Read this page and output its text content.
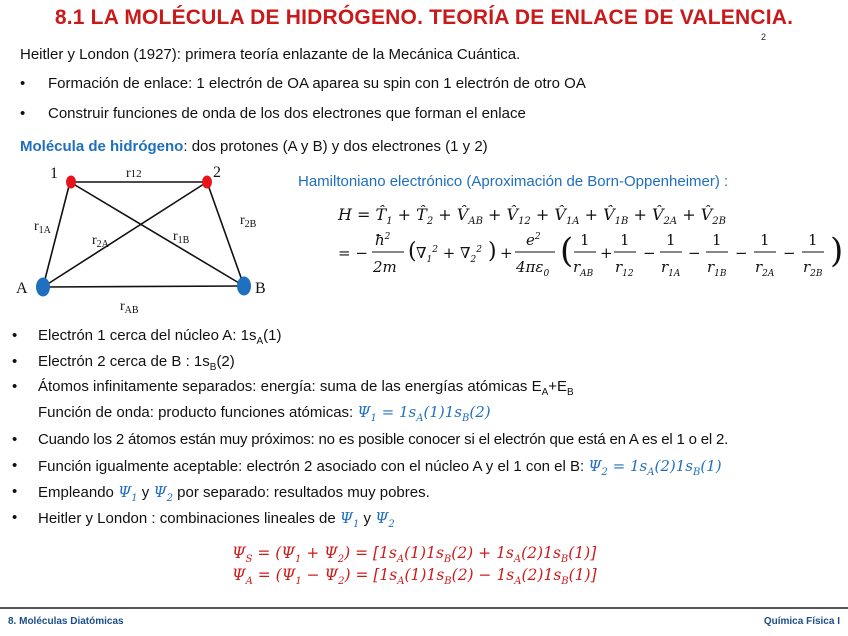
8.1 LA MOLÉCULA DE HIDRÓGENO. TEORÍA DE ENLACE DE VALENCIA.
2
Heitler y London (1927): primera teoría enlazante de la Mecánica Cuántica.
• Formación de enlace: 1 electrón de OA aparea su spin con 1 electrón de otro OA
• Construir funciones de onda de los dos electrones que forman el enlace
Molécula de hidrógeno: dos protones (A y B) y dos electrones (1 y 2)
1	2
A	B
r12
$r_{1A}$
$r_{2A}$
$r_{1B}$
$r_{2B}$
$r_{AB}$
Hamiltoniano electrónico (Aproximación de Born-Oppenheimer) :
$H = T̂_1$ + $T̂_2$ + $V̂_{AB}$ + $V̂_{12}$ + $V̂_{1A}$ + $V̂_{1B}$ + $V̂_{2A}$ + $V̂_{2B}$
= −
$ħ^2$
2m
( $\nabla_1^2 + \nabla_2^2$ ) +
$e^2$
$4\pi\varepsilon_0$
( 1
$r_{AB}$
+
1
$r_{12}$
−
1
$r_{1A}$
−
1
$r_{1B}$
−
1
$r_{2A}$
−
1
$r_{2B}$
)
• Electrón 1 cerca del núcleo A: $1s_A(1)$
• Electrón 2 cerca de B : $1s_B(2)$
• Átomos infinitamente separados: energía: suma de las energías atómicas $E_A+E_B$
Función de onda: producto funciones atómicas: $\Psi_1 = 1s_A(1)1s_B(2)$
• Cuando los 2 átomos están muy próximos: no es posible conocer si el electrón que está en A es el 1 o el 2.
• Función igualmente aceptable: electrón 2 asociado con el núcleo A y el 1 con el B: $\Psi_2 = 1s_A(2)1s_B(1)$
• Empleando $\Psi_1$ y $\Psi_2$ por separado: resultados muy pobres.
• Heitler y London : combinaciones lineales de $\Psi_1$ y $\Psi_2$
$\Psi_S = (\Psi_1 + \Psi_2) = [1s_A(1)1s_B(2) + 1s_A(2)1s_B(1)]$
$\Psi_A = (\Psi_1 - \Psi_2) = [1s_A(1)1s_B(2) - 1s_A(2)1s_B(1)]$
8. Moléculas Diatómicas	Química Física I
